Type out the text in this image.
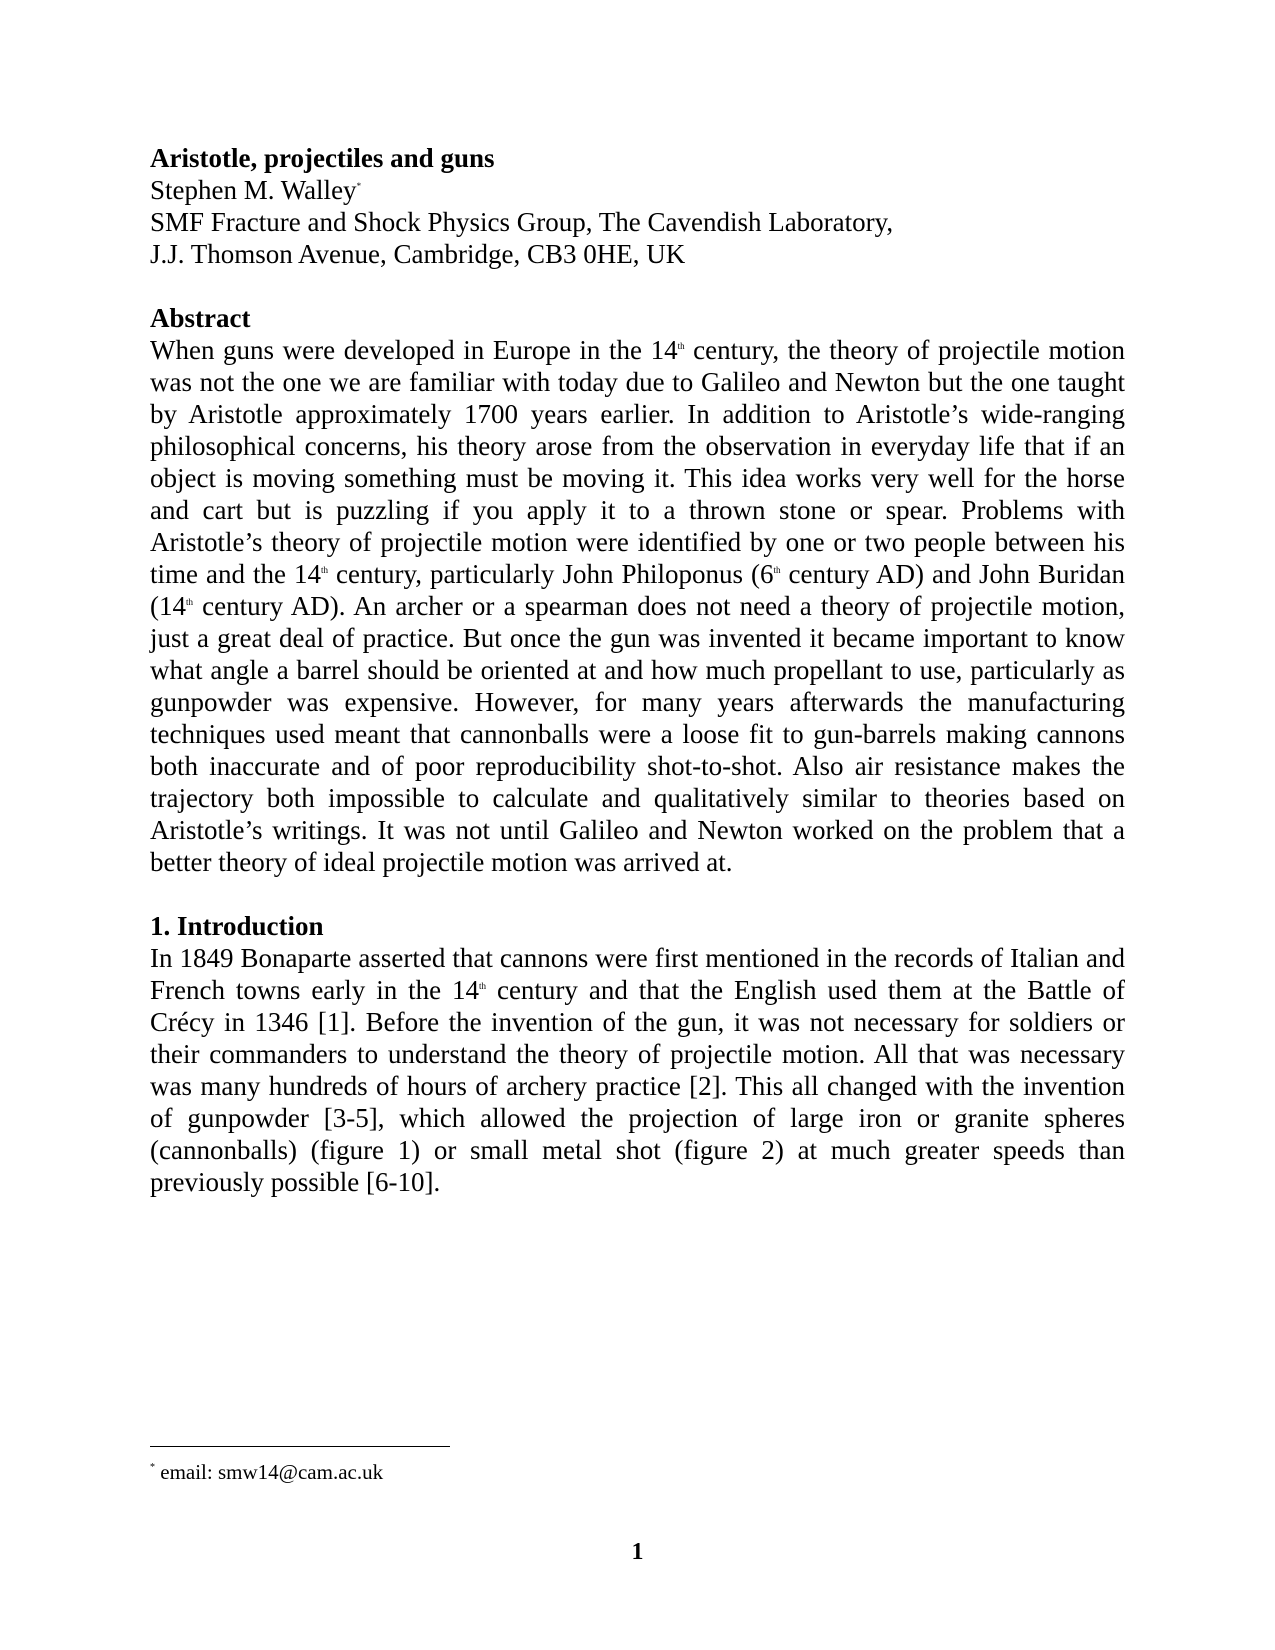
Aristotle, projectiles and guns

Stephen M. Walley*

SMF Fracture and Shock Physics Group, The Cavendish Laboratory,

J.J. Thomson Avenue, Cambridge, CB3 0HE, UK

Abstract

When guns were developed in Europe in the 14th century, the theory of projectile motion was not the one we are familiar with today due to Galileo and Newton but the one taught by Aristotle approximately 1700 years earlier. In addition to Aristotle’s wide-ranging philosophical concerns, his theory arose from the observation in everyday life that if an object is moving something must be moving it. This idea works very well for the horse and cart but is puzzling if you apply it to a thrown stone or spear. Problems with Aristotle’s theory of projectile motion were identified by one or two people between his time and the 14th century, particularly John Philoponus (6th century AD) and John Buridan (14th century AD). An archer or a spearman does not need a theory of projectile motion, just a great deal of practice. But once the gun was invented it became important to know what angle a barrel should be oriented at and how much propellant to use, particularly as gunpowder was expensive. However, for many years afterwards the manufacturing techniques used meant that cannonballs were a loose fit to gun-barrels making cannons both inaccurate and of poor reproducibility shot-to-shot. Also air resistance makes the trajectory both impossible to calculate and qualitatively similar to theories based on Aristotle’s writings. It was not until Galileo and Newton worked on the problem that a better theory of ideal projectile motion was arrived at.

1. Introduction

In 1849 Bonaparte asserted that cannons were first mentioned in the records of Italian and French towns early in the 14th century and that the English used them at the Battle of Crécy in 1346 [1]. Before the invention of the gun, it was not necessary for soldiers or their commanders to understand the theory of projectile motion. All that was necessary was many hundreds of hours of archery practice [2]. This all changed with the invention of gunpowder [3-5], which allowed the projection of large iron or granite spheres (cannonballs) (figure 1) or small metal shot (figure 2) at much greater speeds than previously possible [6-10].

* email: smw14@cam.ac.uk
1
